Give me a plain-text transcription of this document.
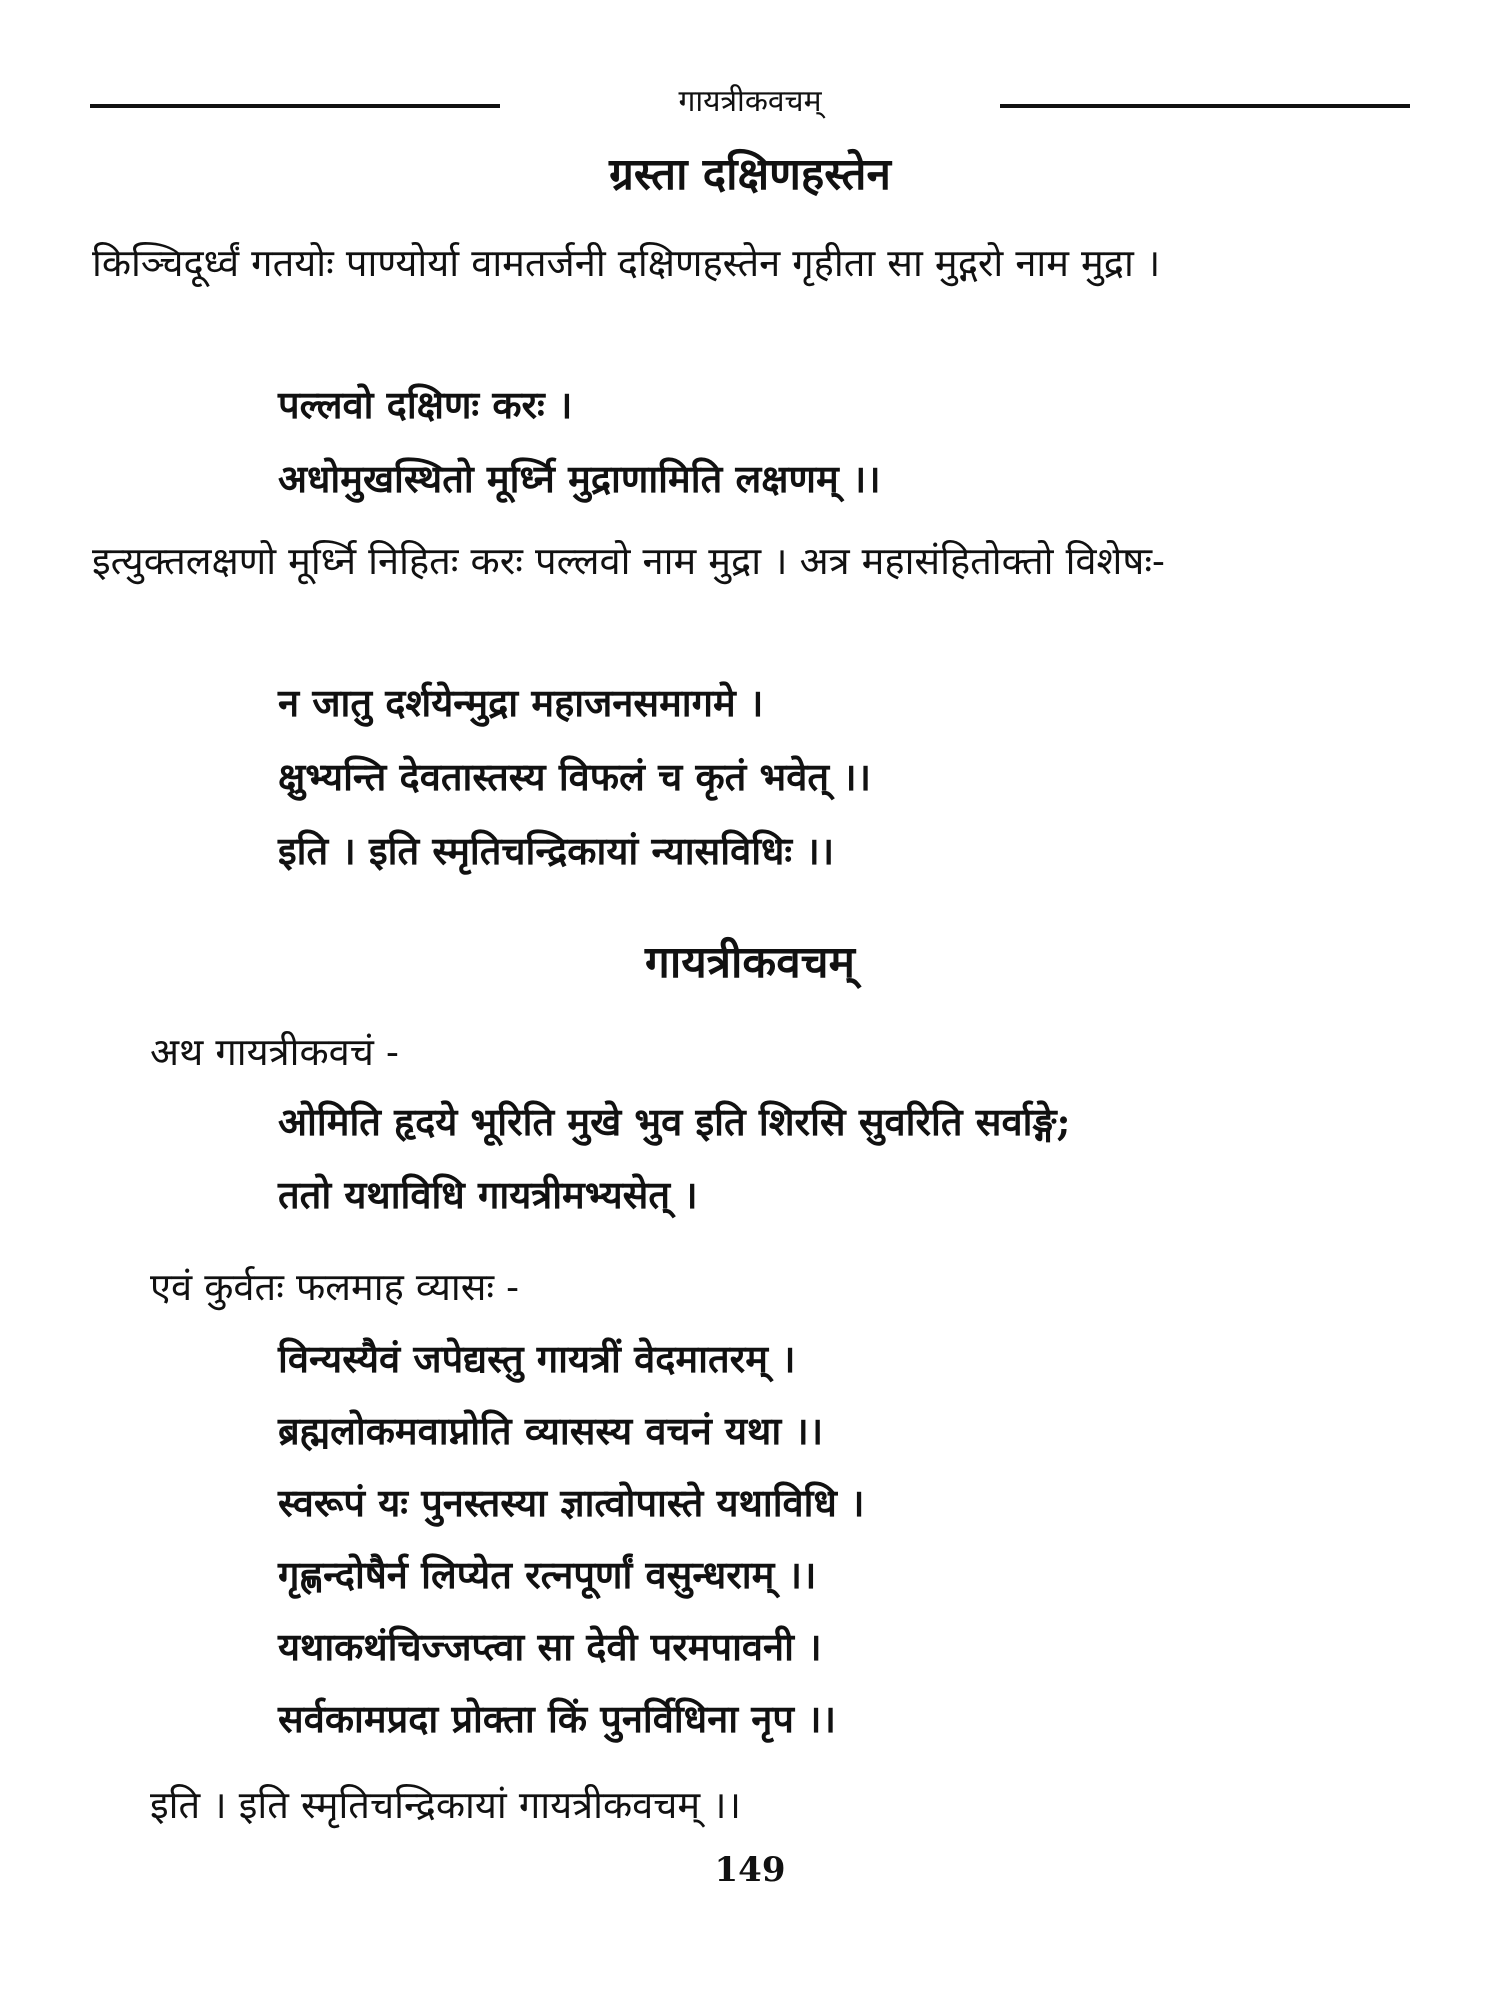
गायत्रीकवचम्
ग्रस्ता दक्षिणहस्तेन

किञ्चिदूर्ध्वं गतयोः पाण्योर्या वामतर्जनी दक्षिणहस्तेन गृहीता सा मुद्गरो नाम मुद्रा ।

पल्लवो दक्षिणः करः ।
अधोमुखस्थितो मूर्ध्नि मुद्राणामिति लक्षणम् ।।

इत्युक्तलक्षणो मूर्ध्नि निहितः करः पल्लवो नाम मुद्रा । अत्र महासंहितोक्तो विशेषः-

न जातु दर्शयेन्मुद्रा महाजनसमागमे ।
क्षुभ्यन्ति देवतास्तस्य विफलं च कृतं भवेत् ।।
इति । इति स्मृतिचन्द्रिकायां न्यासविधिः ।।
गायत्रीकवचम्
अथ गायत्रीकवचं -
ओमिति हृदये भूरिति मुखे भुव इति शिरसि सुवरिति सर्वाङ्गे;
ततो यथाविधि गायत्रीमभ्यसेत् ।
एवं कुर्वतः फलमाह व्यासः -
विन्यस्यैवं जपेद्यस्तु गायत्रीं वेदमातरम् ।
ब्रह्मलोकमवाप्नोति व्यासस्य वचनं यथा ।।
स्वरूपं यः पुनस्तस्या ज्ञात्वोपास्ते यथाविधि ।
गृह्णन्दोषैर्न लिप्येत रत्नपूर्णां वसुन्धराम् ।।
यथाकथंचिज्जप्त्वा सा देवी परमपावनी ।
सर्वकामप्रदा प्रोक्ता किं पुनर्विधिना नृप ।।
इति । इति स्मृतिचन्द्रिकायां गायत्रीकवचम् ।।
149
